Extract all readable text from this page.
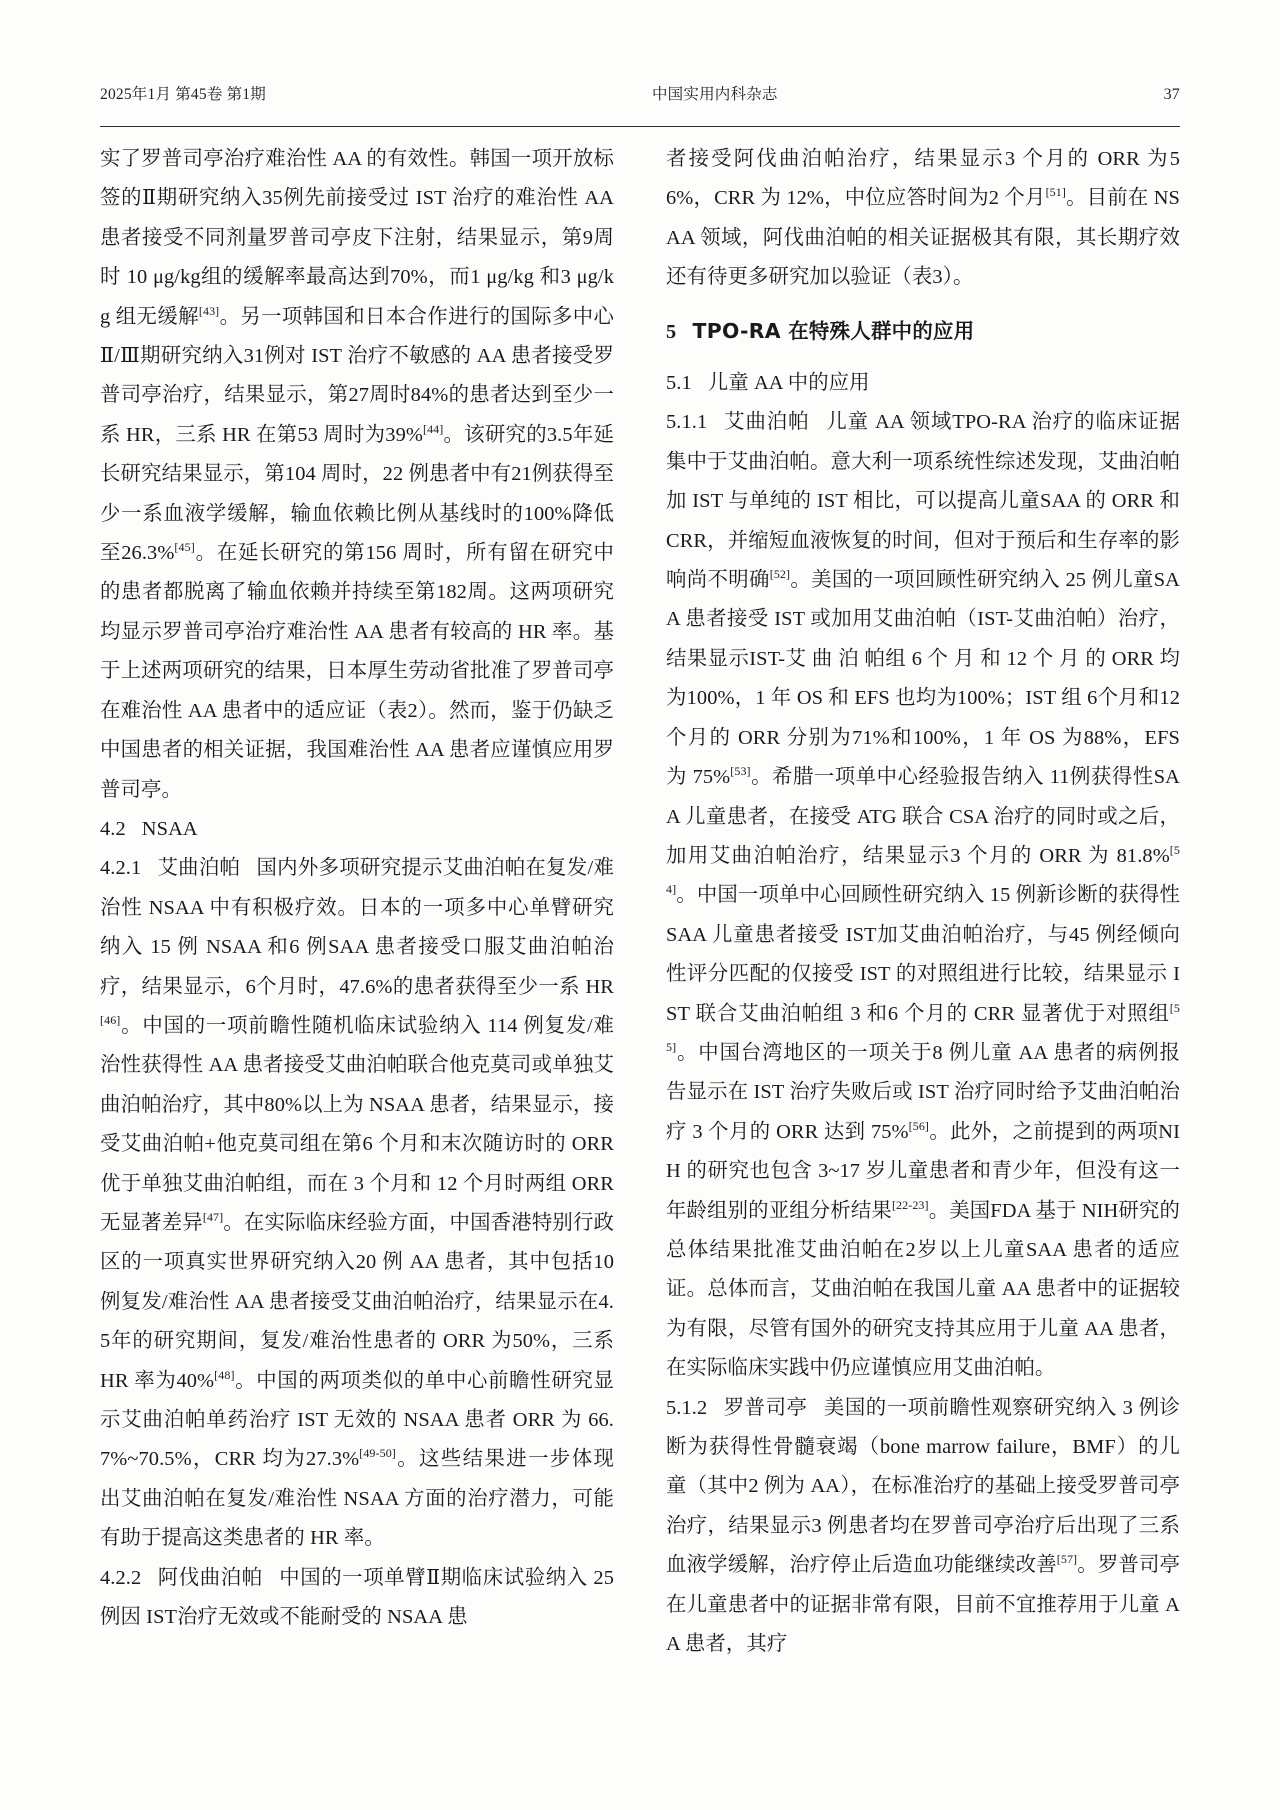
2025年1月 第45卷 第1期	中国实用内科杂志	37

实了罗普司亭治疗难治性 AA 的有效性。韩国一项开放标签的Ⅱ期研究纳入35例先前接受过 IST 治疗的难治性 AA 患者接受不同剂量罗普司亭皮下注射，结果显示，第9周时 10 μg/kg组的缓解率最高达到70%，而1 μg/kg 和3 μg/kg 组无缓解[43]。另一项韩国和日本合作进行的国际多中心Ⅱ/Ⅲ期研究纳入31例对 IST 治疗不敏感的 AA 患者接受罗普司亭治疗，结果显示，第27周时84%的患者达到至少一系 HR，三系 HR 在第53 周时为39%[44]。该研究的3.5年延长研究结果显示，第104 周时，22 例患者中有21例获得至少一系血液学缓解，输血依赖比例从基线时的100%降低至26.3%[45]。在延长研究的第156 周时，所有留在研究中的患者都脱离了输血依赖并持续至第182周。这两项研究均显示罗普司亭治疗难治性 AA 患者有较高的 HR 率。基于上述两项研究的结果，日本厚生劳动省批准了罗普司亭在难治性 AA 患者中的适应证（表2）。然而，鉴于仍缺乏中国患者的相关证据，我国难治性 AA 患者应谨慎应用罗普司亭。

4.2 NSAA

4.2.1 艾曲泊帕 国内外多项研究提示艾曲泊帕在复发/难治性 NSAA 中有积极疗效。日本的一项多中心单臂研究纳入 15 例 NSAA 和6 例SAA 患者接受口服艾曲泊帕治疗，结果显示，6个月时，47.6%的患者获得至少一系 HR[46]。中国的一项前瞻性随机临床试验纳入 114 例复发/难治性获得性 AA 患者接受艾曲泊帕联合他克莫司或单独艾曲泊帕治疗，其中80%以上为 NSAA 患者，结果显示，接受艾曲泊帕+他克莫司组在第6 个月和末次随访时的 ORR 优于单独艾曲泊帕组，而在 3 个月和 12 个月时两组 ORR 无显著差异[47]。在实际临床经验方面，中国香港特别行政区的一项真实世界研究纳入20 例 AA 患者，其中包括10例复发/难治性 AA 患者接受艾曲泊帕治疗，结果显示在4.5年的研究期间，复发/难治性患者的 ORR 为50%，三系 HR 率为40%[48]。中国的两项类似的单中心前瞻性研究显示艾曲泊帕单药治疗 IST 无效的 NSAA 患者 ORR 为 66.7%~70.5%，CRR 均为27.3%[49-50]。这些结果进一步体现出艾曲泊帕在复发/难治性 NSAA 方面的治疗潜力，可能有助于提高这类患者的 HR 率。

4.2.2 阿伐曲泊帕 中国的一项单臂Ⅱ期临床试验纳入 25 例因 IST治疗无效或不能耐受的 NSAA 患

者接受阿伐曲泊帕治疗，结果显示3 个月的 ORR 为56%，CRR 为 12%，中位应答时间为2 个月[51]。目前在 NSAA 领域，阿伐曲泊帕的相关证据极其有限，其长期疗效还有待更多研究加以验证（表3）。

5 TPO-RA 在特殊人群中的应用
5.1 儿童 AA 中的应用

5.1.1 艾曲泊帕 儿童 AA 领域TPO-RA 治疗的临床证据集中于艾曲泊帕。意大利一项系统性综述发现，艾曲泊帕加 IST 与单纯的 IST 相比，可以提高儿童SAA 的 ORR 和 CRR，并缩短血液恢复的时间，但对于预后和生存率的影响尚不明确[52]。美国的一项回顾性研究纳入 25 例儿童SAA 患者接受 IST 或加用艾曲泊帕（IST-艾曲泊帕）治疗，结果显示IST-艾 曲 泊 帕组 6 个 月 和 12 个 月 的 ORR 均为100%，1 年 OS 和 EFS 也均为100%；IST 组 6个月和12个月的 ORR 分别为71%和100%，1 年 OS 为88%，EFS 为 75%[53]。希腊一项单中心经验报告纳入 11例获得性SAA 儿童患者，在接受 ATG 联合 CSA 治疗的同时或之后，加用艾曲泊帕治疗，结果显示3 个月的 ORR 为 81.8%[54]。中国一项单中心回顾性研究纳入 15 例新诊断的获得性SAA 儿童患者接受 IST加艾曲泊帕治疗，与45 例经倾向性评分匹配的仅接受 IST 的对照组进行比较，结果显示 IST 联合艾曲泊帕组 3 和6 个月的 CRR 显著优于对照组[55]。中国台湾地区的一项关于8 例儿童 AA 患者的病例报告显示在 IST 治疗失败后或 IST 治疗同时给予艾曲泊帕治疗 3 个月的 ORR 达到 75%[56]。此外，之前提到的两项NIH 的研究也包含 3~17 岁儿童患者和青少年，但没有这一年龄组别的亚组分析结果[22-23]。美国FDA 基于 NIH研究的总体结果批准艾曲泊帕在2岁以上儿童SAA 患者的适应证。总体而言，艾曲泊帕在我国儿童 AA 患者中的证据较为有限，尽管有国外的研究支持其应用于儿童 AA 患者，在实际临床实践中仍应谨慎应用艾曲泊帕。

5.1.2 罗普司亭 美国的一项前瞻性观察研究纳入 3 例诊断为获得性骨髓衰竭（bone marrow failure，BMF）的儿童（其中2 例为 AA），在标准治疗的基础上接受罗普司亭治疗，结果显示3 例患者均在罗普司亭治疗后出现了三系血液学缓解，治疗停止后造血功能继续改善[57]。罗普司亭在儿童患者中的证据非常有限，目前不宜推荐用于儿童 AA 患者，其疗
